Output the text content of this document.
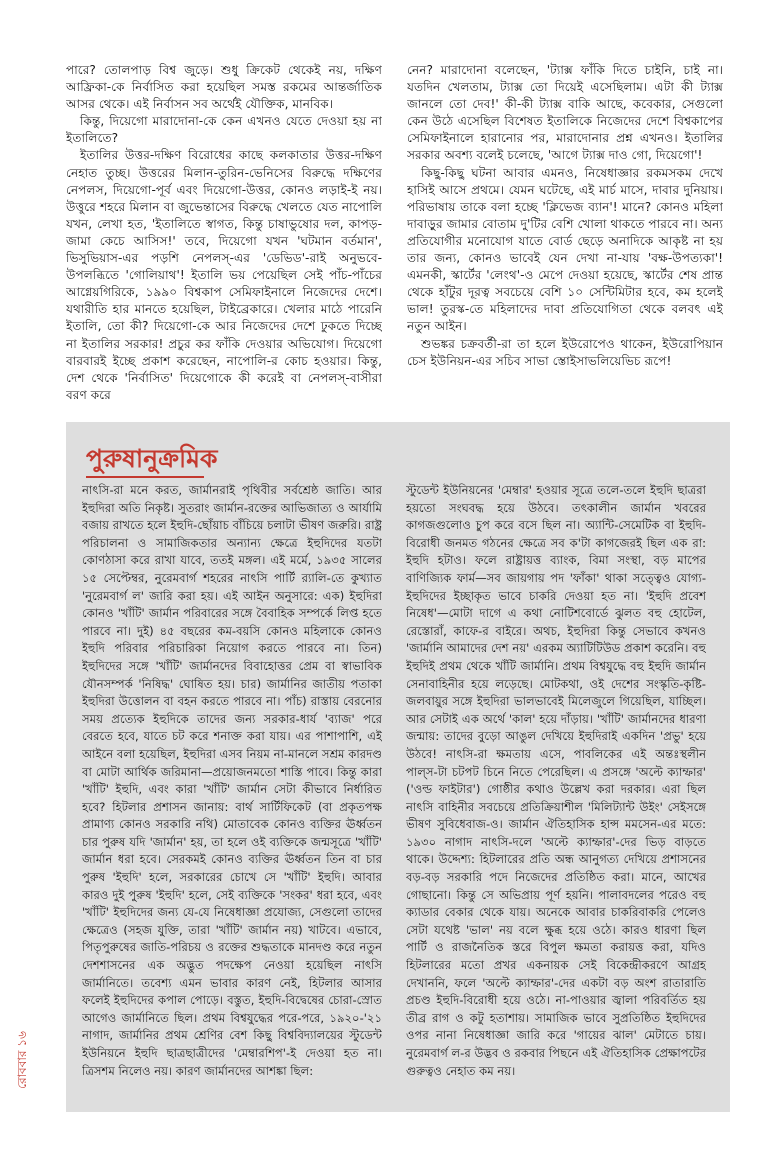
পারে? তোলপাড় বিশ্ব জুড়ে। শুধু ক্রিকেট থেকেই নয়, দক্ষিণ আফ্রিকা-কে নির্বাসিত করা হয়েছিল সমস্ত রকমের আন্তর্জাতিক আসর থেকে। এই নির্বাসন সব অর্থেই যৌক্তিক, মানবিক।

কিন্তু, দিয়েগো মারাদোনা-কে কেন এখনও যেতে দেওয়া হয় না ইতালিতে?

ইতালির উত্তর-দক্ষিণ বিরোধের কাছে কলকাতার উত্তর-দক্ষিণ নেহাত তুচ্ছ। উত্তরের মিলান-তুরিন-ভেনিসের বিরুদ্ধে দক্ষিণের নেপলস, দিয়েগো-পূর্ব এবং দিয়েগো-উত্তর, কোনও লড়াই-ই নয়। উত্তুরে শহরে মিলান বা জুভেন্তাসের বিরুদ্ধে খেলতে যেত নাপোলি যখন, লেখা হত, 'ইতালিতে স্বাগত, কিন্তু চাষাভুষোর দল, কাপড়-জামা কেচে আসিস!' তবে, দিয়েগো যখন 'ঘটমান বর্তমান', ভিসুভিয়াস-এর পড়শি নেপলস্-এর 'ডেভিড'-রাই অনুভবে-উপলব্ধিতে 'গোলিয়াথ'! ইতালি ভয় পেয়েছিল সেই পাঁচ-পাঁচের আগ্নেয়গিরিকে, ১৯৯০ বিশ্বকাপ সেমিফাইনালে নিজেদের দেশে। যথারীতি হার মানতে হয়েছিল, টাইব্রেকারে। খেলার মাঠে পারেনি ইতালি, তো কী? দিয়েগো-কে আর নিজেদের দেশে ঢুকতে দিচ্ছে না ইতালির সরকার! প্রচুর কর ফাঁকি দেওয়ার অভিযোগ। দিয়েগো বারবারই ইচ্ছে প্রকাশ করেছেন, নাপোলি-র কোচ হওয়ার। কিন্তু, দেশ থেকে 'নির্বাসিত' দিয়েগোকে কী করেই বা নেপলস্-বাসীরা বরণ করে

নেন? মারাদোনা বলেছেন, 'ট্যাক্স ফাঁকি দিতে চাইনি, চাই না। যতদিন খেলতাম, ট্যাক্স তো দিয়েই এসেছিলাম। এটা কী ট্যাক্স জানলে তো দেব!' কী-কী ট্যাক্স বাকি আছে, কবেকার, সেগুলো কেন উঠে এসেছিল বিশেষত ইতালিকে নিজেদের দেশে বিশ্বকাপের সেমিফাইনালে হারানোর পর, মারাদোনার প্রশ্ন এখনও। ইতালির সরকার অবশ্য বলেই চলেছে, 'আগে ট্যাক্স দাও গো, দিয়েগো'!

কিছু-কিছু ঘটনা আবার এমনও, নিষেধাজ্ঞার রকমসকম দেখে হাসিই আসে প্রথমে। যেমন ঘটেছে, এই মার্চ মাসে, দাবার দুনিয়ায়। পরিভাষায় তাকে বলা হচ্ছে 'ক্লিভেজ ব্যান'! মানে? কোনও মহিলা দাবাড়ুর জামার বোতাম দু'টির বেশি খোলা থাকতে পারবে না। অন্য প্রতিযোগীর মনোযোগ যাতে বোর্ড ছেড়ে অনাদিকে আকৃষ্ট না হয় তার জন্য, কোনও ভাবেই যেন দেখা না-যায় 'বক্ষ-উপত্যকা'! এমনকী, স্কার্টের 'লেংথ'-ও মেপে দেওয়া হয়েছে, স্কার্টের শেষ প্রান্ত থেকে হাঁটুর দূরত্ব সবচেয়ে বেশি ১০ সেন্টিমিটার হবে, কম হলেই ভাল! তুরস্ক-তে মহিলাদের দাবা প্রতিযোগিতা থেকে বলবৎ এই নতুন আইন।

শুভঙ্কর চক্রবর্তী-রা তা হলে ইউরোপেও থাকেন, ইউরোপিয়ান চেস ইউনিয়ন-এর সচিব সাভা স্তোইসাভলিয়েভিচ রূপে!

পুরুষানুক্রমিক

নাৎসি-রা মনে করত, জার্মানরাই পৃথিবীর সর্বশ্রেষ্ঠ জাতি। আর ইহুদিরা অতি নিকৃষ্ট। সুতরাং জার্মান-রক্তের আভিজাত্য ও আর্যামি বজায় রাখতে হলে ইহুদি-ছোঁয়াচ বাঁচিয়ে চলাটা ভীষণ জরুরি। রাষ্ট্র পরিচালনা ও সামাজিকতার অন্যান্য ক্ষেত্রে ইহুদিদের যতটা কোণঠাসা করে রাখা যাবে, ততই মঙ্গল। এই মর্মে, ১৯৩৫ সালের ১৫ সেপ্টেম্বর, নুরেমবার্গ শহরের নাৎসি পার্টি র‍্যালি-তে কুখ্যাত 'নুরেমবার্গ ল' জারি করা হয়। এই আইন অনুসারে: এক) ইহুদিরা কোনও 'খাঁটি' জার্মান পরিবারের সঙ্গে বৈবাহিক সম্পর্কে লিপ্ত হতে পারবে না। দুই) ৪৫ বছরের কম-বয়সি কোনও মহিলাকে কোনও ইহুদি পরিবার পরিচারিকা নিয়োগ করতে পারবে না। তিন) ইহুদিদের সঙ্গে 'খাঁটি' জার্মানদের বিবাহোত্তর প্রেম বা স্বাভাবিক যৌনসম্পর্ক 'নিষিদ্ধ' ঘোষিত হয়। চার) জার্মানির জাতীয় পতাকা ইহুদিরা উত্তোলন বা বহন করতে পারবে না। পাঁচ) রাস্তায় বেরনোর সময় প্রত্যেক ইহুদিকে তাদের জন্য সরকার-ধার্য 'ব্যাজ' পরে বেরতে হবে, যাতে চট করে শনাক্ত করা যায়। এর পাশাপাশি, এই আইনে বলা হয়েছিল, ইহুদিরা এসব নিয়ম না-মানলে সশ্রম কারদণ্ড বা মোটা আর্থিক জরিমানা—প্রয়োজনমতো শাস্তি পাবে। কিন্তু কারা 'খাঁটি' ইহুদি, এবং কারা 'খাঁটি' জার্মান সেটা কীভাবে নির্ধারিত হবে? হিটলার প্রশাসন জানায়: বার্থ সার্টিফিকেট (বা প্রকৃতপক্ষ প্রামাণ্য কোনও সরকারি নথি) মোতাবেক কোনও ব্যক্তির ঊর্ধ্বতন চার পুরুষ যদি 'জার্মান' হয়, তা হলে ওই ব্যক্তিকে জন্মসূত্রে 'খাঁটি' জার্মান ধরা হবে। সেরকমই কোনও ব্যক্তির ঊর্ধ্বতন তিন বা চার পুরুষ 'ইহুদি' হলে, সরকারের চোখে সে 'খাঁটি' ইহুদি। আবার কারও দুই পুরুষ 'ইহুদি' হলে, সেই ব্যক্তিকে 'সংকর' ধরা হবে, এবং 'খাঁটি' ইহুদিদের জন্য যে-যে নিষেধাজ্ঞা প্রযোজ্য, সেগুলো তাদের ক্ষেত্রেও (সহজ যুক্তি, তারা 'খাঁটি' জার্মান নয়) খাটবে। এভাবে, পিতৃপুরুষের জাতি-পরিচয় ও রক্তের শুদ্ধতাকে মানদণ্ড করে নতুন দেশশাসনের এক অদ্ভুত পদক্ষেপ নেওয়া হয়েছিল নাৎসি জার্মানিতে। তবেশ্য এমন ভাবার কারণ নেই, হিটলার আসার ফলেই ইহুদিদের কপাল পোড়ে। বস্তুত, ইহুদি-বিদ্বেষের চোরা-স্রোত আগেও জার্মানিতে ছিল। প্রথম বিশ্বযুদ্ধের পরে-পরে, ১৯২০-'২১ নাগাদ, জার্মানির প্রথম শ্রেণির বেশ কিছু বিশ্ববিদ্যালয়ের স্টুডেন্ট ইউনিয়নে ইহুদি ছাত্রছাত্রীদের 'মেম্বারশিপ'-ই দেওয়া হত না। ত্রিসশম নিলেও নয়। কারণ জার্মানদের আশঙ্কা ছিল:

স্টুডেন্ট ইউনিয়নের 'মেম্বার' হওয়ার সূত্রে তলে-তলে ইহুদি ছাত্ররা হয়তো সংঘবদ্ধ হয়ে উঠবে। তৎকালীন জার্মান খবরের কাগজগুলোও চুপ করে বসে ছিল না। অ্যান্টি-সেমেটিক বা ইহুদি-বিরোধী জনমত গঠনের ক্ষেত্রে সব ক'টা কাগজেরই ছিল এক রা: ইহুদি হটাও। ফলে রাষ্ট্রায়ত্ত ব্যাংক, বিমা সংস্থা, বড় মাপের বাণিজ্যিক ফার্ম—সব জায়গায় পদ 'ফাঁকা' থাকা সত্ত্বেও যোগ্য-ইহুদিদের ইচ্ছাকৃত ভাবে চাকরি দেওয়া হত না। 'ইহুদি প্রবেশ নিষেধ'—মোটা দাগে এ কথা নোটিশবোর্ডে ঝুলত বহু হোটেল, রেস্তোরাঁ, কাফে-র বাইরে। অথচ, ইহুদিরা কিন্তু সেভাবে কখনও 'জার্মানি আমাদের দেশ নয়' এরকম অ্যাটিটিউড প্রকাশ করেনি। বহু ইহুদিই প্রথম থেকে খাঁটি জার্মানি। প্রথম বিশ্বযুদ্ধে বহু ইহুদি জার্মান সেনাবাহিনীর হয়ে লড়েছে। মোটকথা, ওই দেশের সংস্কৃতি-কৃষ্টি-জলবায়ুর সঙ্গে ইহুদিরা ভালভাবেই মিলেজুলে গিয়েছিল, যাচ্ছিল। আর সেটাই এক অর্থে 'কাল' হয়ে দাঁড়ায়। 'খাঁটি' জার্মানদের ধারণা জন্মায়: তাদের বুড়ো আঙুল দেখিয়ে ইহুদিরাই একদিন 'প্রভু' হয়ে উঠবে! নাৎসি-রা ক্ষমতায় এসে, পাবলিকের এই অন্তঃস্থলীন পাল্‌স-টা চটপট চিনে নিতে পেরেছিল। এ প্রসঙ্গে 'অল্টে ক্যাম্ফার' ('ওল্ড ফাইটার') গোষ্ঠীর কথাও উল্লেখ করা দরকার। এরা ছিল নাৎসি বাহিনীর সবচেয়ে প্রতিক্রিয়াশীল 'মিলিট্যান্ট উইং' সেইসঙ্গে ভীষণ সুবিধেবাজ-ও। জার্মান ঐতিহাসিক হান্স মমসেন-এর মতে: ১৯৩০ নাগাদ নাৎসি-দলে 'অল্টে ক্যাম্ফার'-দের ভিড় বাড়তে থাকে। উদ্দেশ্য: হিটলারের প্রতি অন্ধ আনুগত্য দেখিয়ে প্রশাসনের বড়-বড় সরকারি পদে নিজেদের প্রতিষ্ঠিত করা। মানে, আখের গোছানো। কিন্তু সে অভিপ্রায় পূর্ণ হয়নি। পালাবদলের পরেও বহু ক্যাডার বেকার থেকে যায়। অনেকে আবার চাকরিবাকরি পেলেও সেটা যথেষ্ট 'ভাল' নয় বলে ক্ষুব্ধ হয়ে ওঠে। কারও ধারণা ছিল পার্টি ও রাজনৈতিক স্তরে বিপুল ক্ষমতা করায়ত্ত করা, যদিও হিটলারের মতো প্রখর একনায়ক সেই বিকেন্দ্রীকরণে আগ্রহ দেখাননি, ফলে 'অল্টে ক্যাম্ফার'-দের একটা বড় অংশ রাতারাতি প্রচণ্ড ইহুদি-বিরোধী হয়ে ওঠে। না-পাওয়ার জ্বালা পরিবর্তিত হয় তীব্র রাগ ও কটু হতাশায়। সামাজিক ভাবে সুপ্রতিষ্ঠিত ইহুদিদের ওপর নানা নিষেধাজ্ঞা জারি করে 'গায়ের ঝাল' মেটাতে চায়। নুরেমবার্গ ল-র উদ্ভব ও রকবার পিছনে এই ঐতিহাসিক প্রেক্ষাপটের গুরুত্বও নেহাত কম নয়।

রোববার ১৬
